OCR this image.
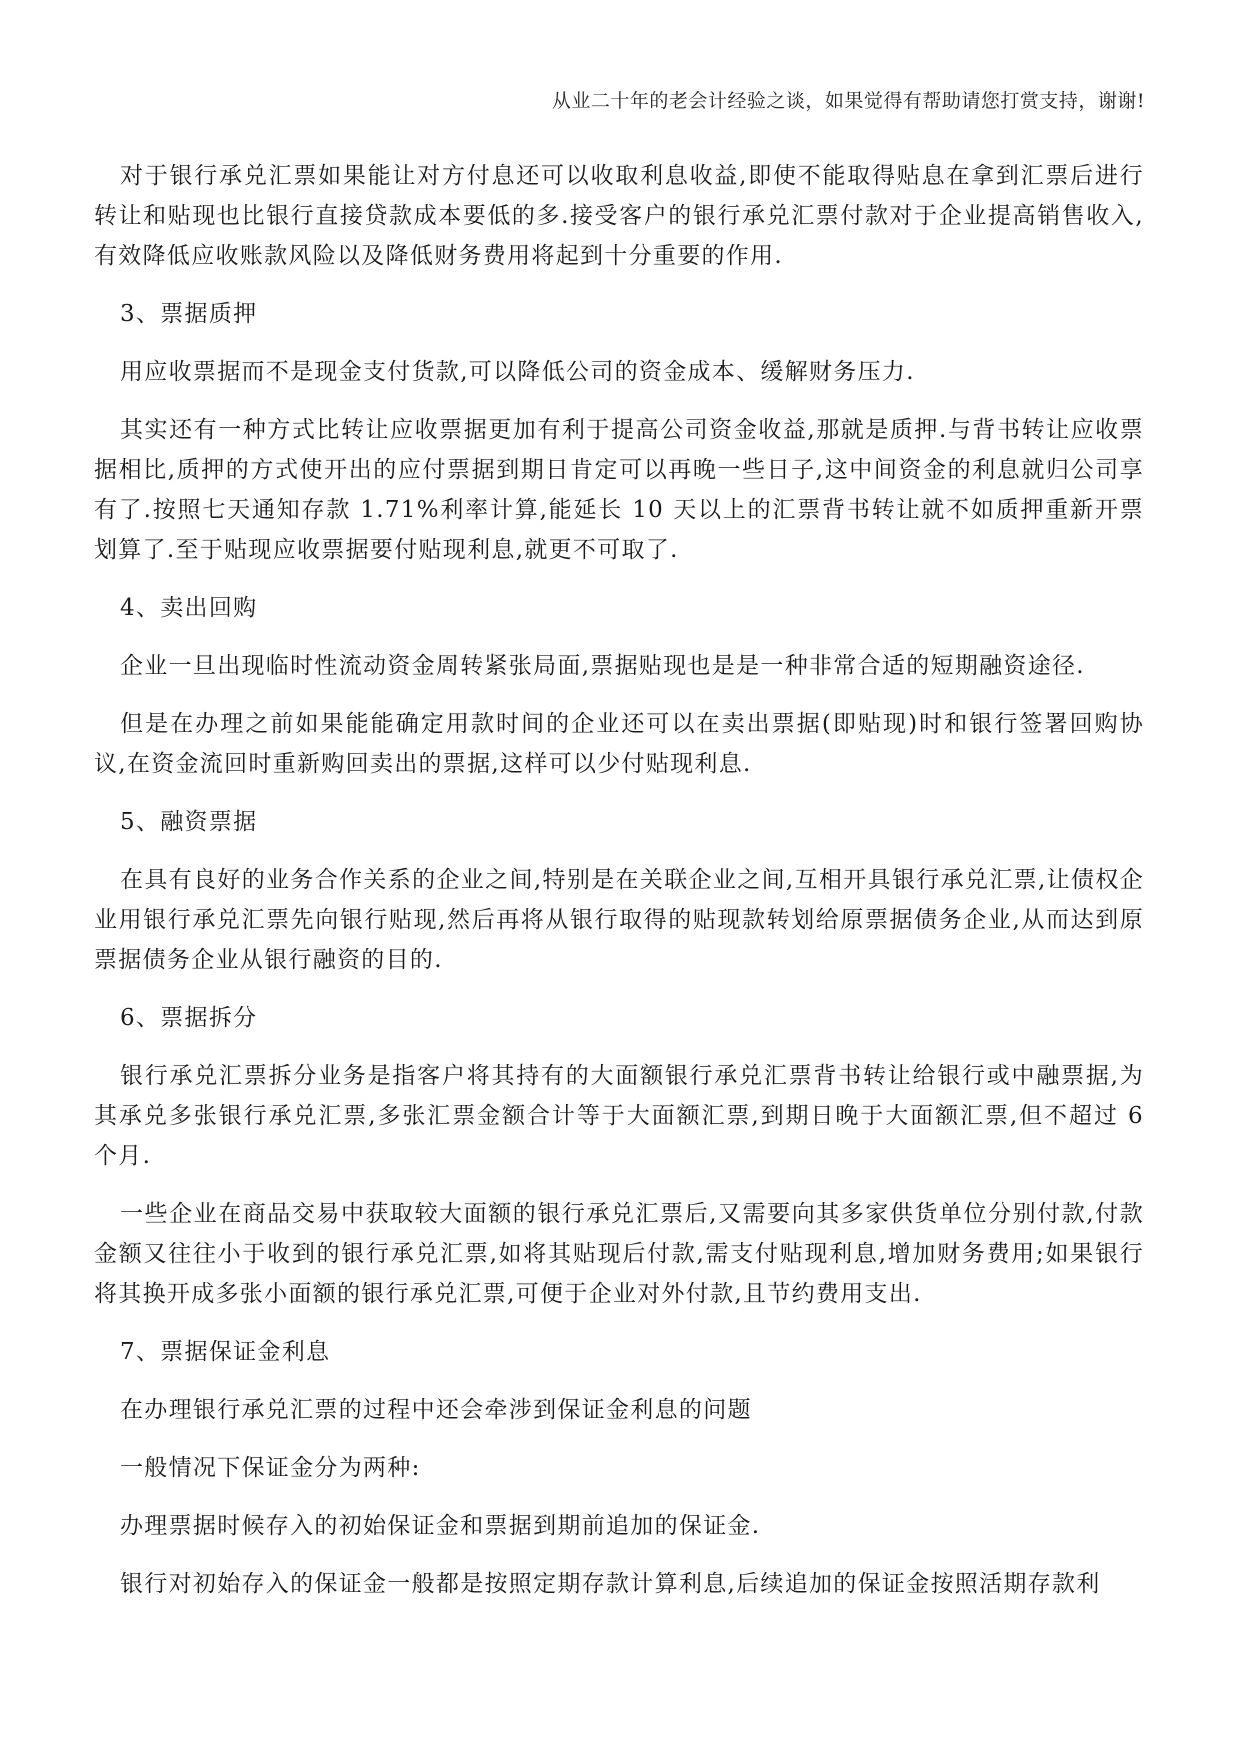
从业二十年的老会计经验之谈，如果觉得有帮助请您打赏支持，谢谢!

对于银行承兑汇票如果能让对方付息还可以收取利息收益,即使不能取得贴息在拿到汇票后进行转让和贴现也比银行直接贷款成本要低的多.接受客户的银行承兑汇票付款对于企业提高销售收入,有效降低应收账款风险以及降低财务费用将起到十分重要的作用.

3、票据质押

用应收票据而不是现金支付货款,可以降低公司的资金成本、缓解财务压力.

其实还有一种方式比转让应收票据更加有利于提高公司资金收益,那就是质押.与背书转让应收票据相比,质押的方式使开出的应付票据到期日肯定可以再晚一些日子,这中间资金的利息就归公司享有了.按照七天通知存款 1.71%利率计算,能延长 10 天以上的汇票背书转让就不如质押重新开票划算了.至于贴现应收票据要付贴现利息,就更不可取了.

4、卖出回购

企业一旦出现临时性流动资金周转紧张局面,票据贴现也是是一种非常合适的短期融资途径.

但是在办理之前如果能能确定用款时间的企业还可以在卖出票据(即贴现)时和银行签署回购协议,在资金流回时重新购回卖出的票据,这样可以少付贴现利息.

5、融资票据

在具有良好的业务合作关系的企业之间,特别是在关联企业之间,互相开具银行承兑汇票,让债权企业用银行承兑汇票先向银行贴现,然后再将从银行取得的贴现款转划给原票据债务企业,从而达到原票据债务企业从银行融资的目的.

6、票据拆分

银行承兑汇票拆分业务是指客户将其持有的大面额银行承兑汇票背书转让给银行或中融票据,为其承兑多张银行承兑汇票,多张汇票金额合计等于大面额汇票,到期日晚于大面额汇票,但不超过 6 个月.

一些企业在商品交易中获取较大面额的银行承兑汇票后,又需要向其多家供货单位分别付款,付款金额又往往小于收到的银行承兑汇票,如将其贴现后付款,需支付贴现利息,增加财务费用;如果银行将其换开成多张小面额的银行承兑汇票,可便于企业对外付款,且节约费用支出.

7、票据保证金利息

在办理银行承兑汇票的过程中还会牵涉到保证金利息的问题

一般情况下保证金分为两种:

办理票据时候存入的初始保证金和票据到期前追加的保证金.

银行对初始存入的保证金一般都是按照定期存款计算利息,后续追加的保证金按照活期存款利
